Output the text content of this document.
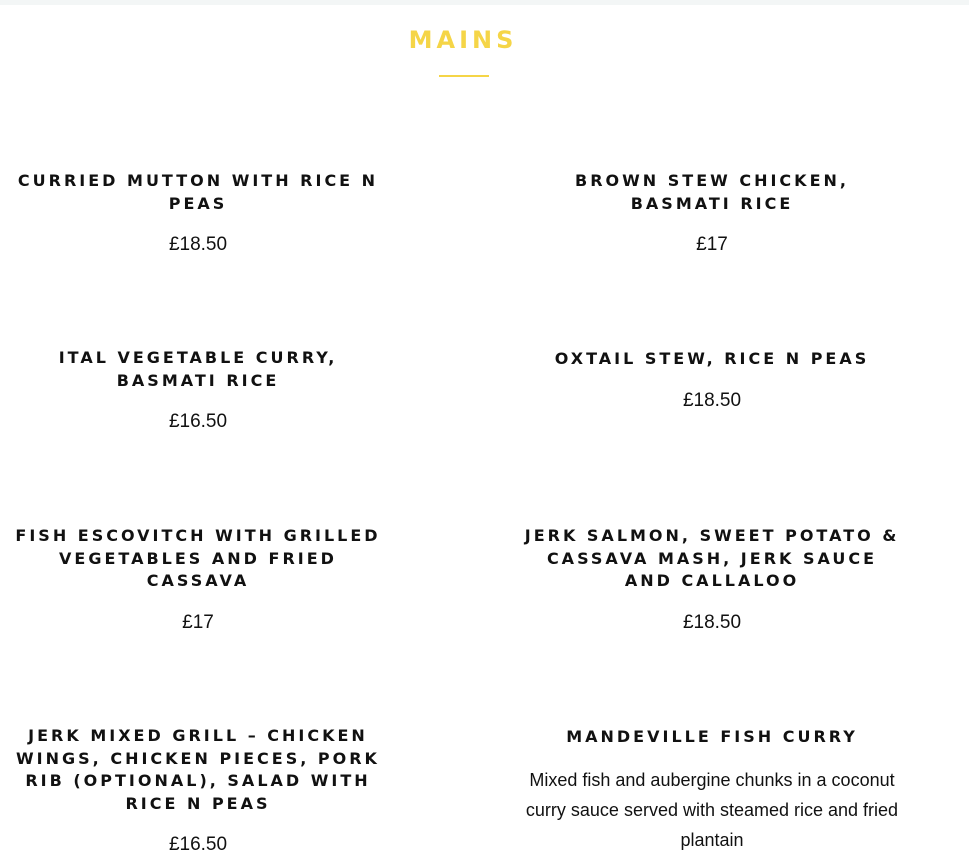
MAINS
CURRIED MUTTON WITH RICE N PEAS
£18.50
BROWN STEW CHICKEN, BASMATI RICE
£17
ITAL VEGETABLE CURRY, BASMATI RICE
£16.50
OXTAIL STEW, RICE N PEAS
£18.50
FISH ESCOVITCH WITH GRILLED VEGETABLES AND FRIED CASSAVA
£17
JERK SALMON, SWEET POTATO & CASSAVA MASH, JERK SAUCE AND CALLALOO
£18.50
JERK MIXED GRILL – CHICKEN WINGS, CHICKEN PIECES, PORK RIB (OPTIONAL), SALAD WITH RICE N PEAS
£16.50
MANDEVILLE FISH CURRY
Mixed fish and aubergine chunks in a coconut curry sauce served with steamed rice and fried plantain
